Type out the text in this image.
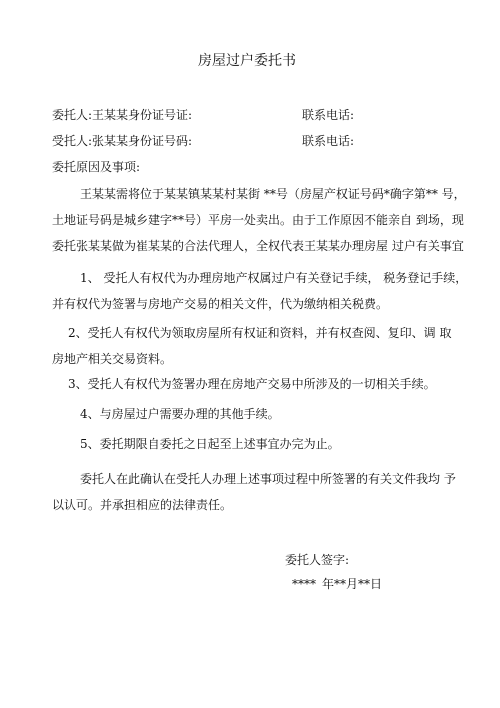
房屋过户委托书
委托人:王某某身份证号证:	联系电话:
受托人:张某某身份证号码:	联系电话:
委托原因及事项:
王某某需将位于某某镇某某村某街 **号（房屋产权证号码*确字第** 号，
土地证号码是城乡建字**号）平房一处卖出。由于工作原因不能亲自 到场，现
委托张某某做为崔某某的合法代理人，全权代表王某某办理房屋 过户有关事宜
1、 受托人有权代为办理房地产权属过户有关登记手续， 税务登记手续，
并有权代为签署与房地产交易的相关文件，代为缴纳相关税费。
2、受托人有权代为领取房屋所有权证和资料，并有权查阅、复印、调 取
房地产相关交易资料。
3、受托人有权代为签署办理在房地产交易中所涉及的一切相关手续。
4、与房屋过户需要办理的其他手续。
5、委托期限自委托之日起至上述事宜办完为止。
委托人在此确认在受托人办理上述事项过程中所签署的有关文件我均 予
以认可。并承担相应的法律责任。
委托人签字:
**** 年**月**日
